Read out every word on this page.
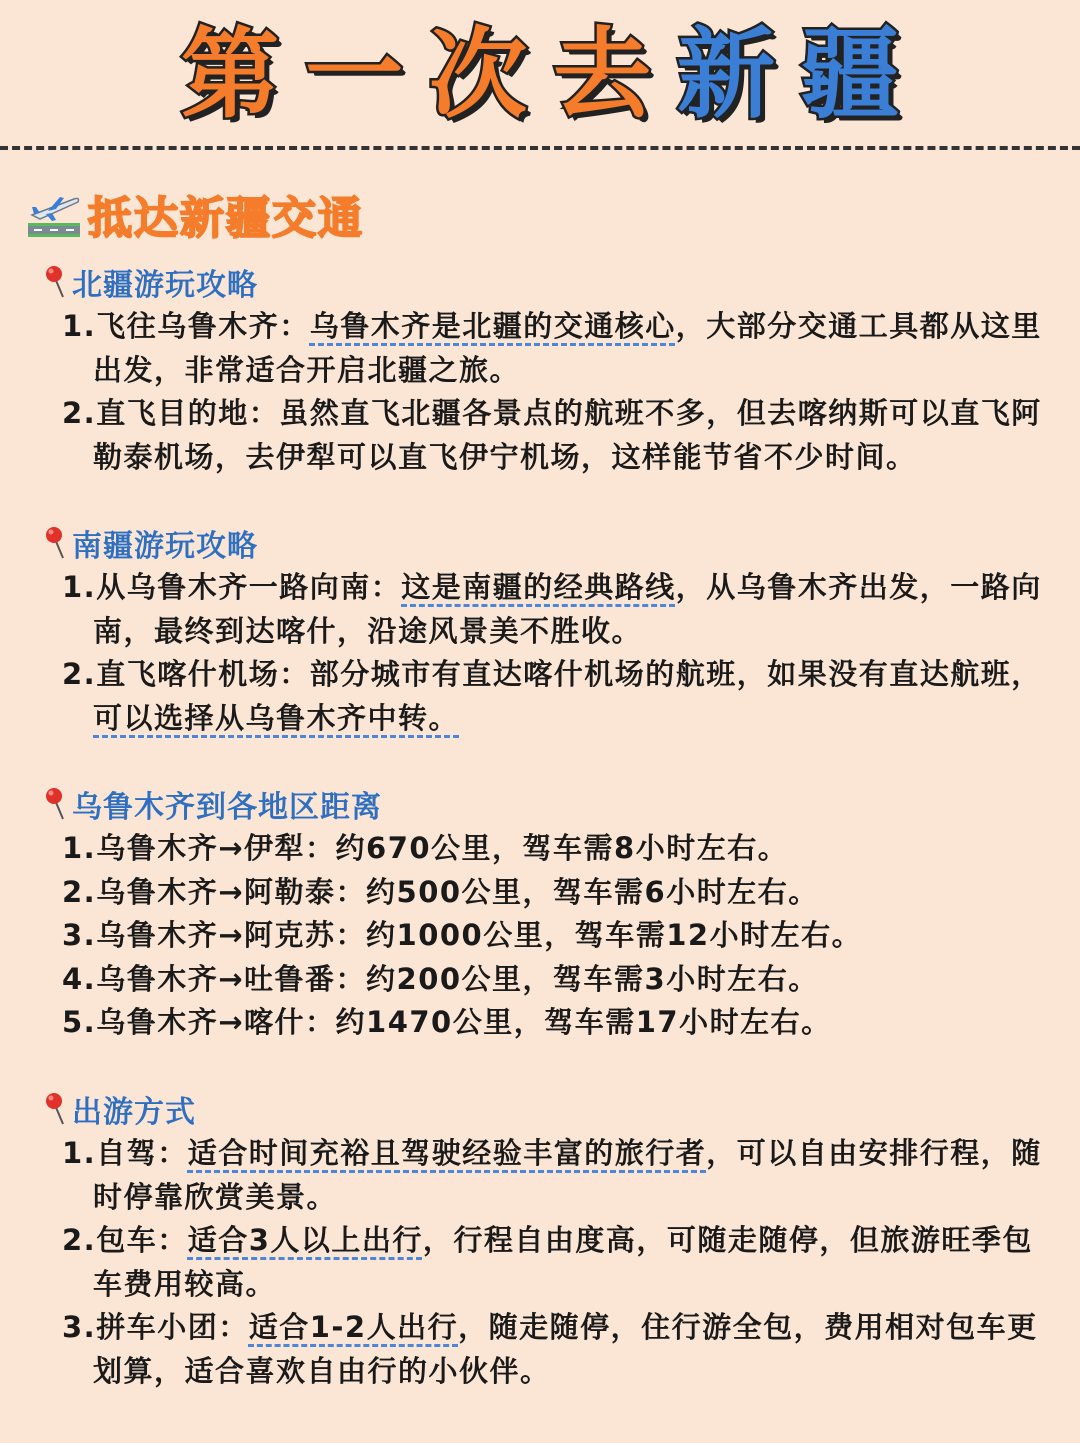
第 一 次 去 新 疆
抵达新疆交通
北疆游玩攻略
1.飞往乌鲁木齐：乌鲁木齐是北疆的交通核心，大部分交通工具都从这里出发，非常适合开启北疆之旅。
2.直飞目的地：虽然直飞北疆各景点的航班不多，但去喀纳斯可以直飞阿勒泰机场，去伊犁可以直飞伊宁机场，这样能节省不少时间。
南疆游玩攻略
1.从乌鲁木齐一路向南：这是南疆的经典路线，从乌鲁木齐出发，一路向南，最终到达喀什，沿途风景美不胜收。
2.直飞喀什机场：部分城市有直达喀什机场的航班，如果没有直达航班，可以选择从乌鲁木齐中转。
乌鲁木齐到各地区距离
1.乌鲁木齐→伊犁：约670公里，驾车需8小时左右。
2.乌鲁木齐→阿勒泰：约500公里，驾车需6小时左右。
3.乌鲁木齐→阿克苏：约1000公里，驾车需12小时左右。
4.乌鲁木齐→吐鲁番：约200公里，驾车需3小时左右。
5.乌鲁木齐→喀什：约1470公里，驾车需17小时左右。
出游方式
1.自驾：适合时间充裕且驾驶经验丰富的旅行者，可以自由安排行程，随时停靠欣赏美景。
2.包车：适合3人以上出行，行程自由度高，可随走随停，但旅游旺季包车费用较高。
3.拼车小团：适合1-2人出行，随走随停，住行游全包，费用相对包车更划算，适合喜欢自由行的小伙伴。
